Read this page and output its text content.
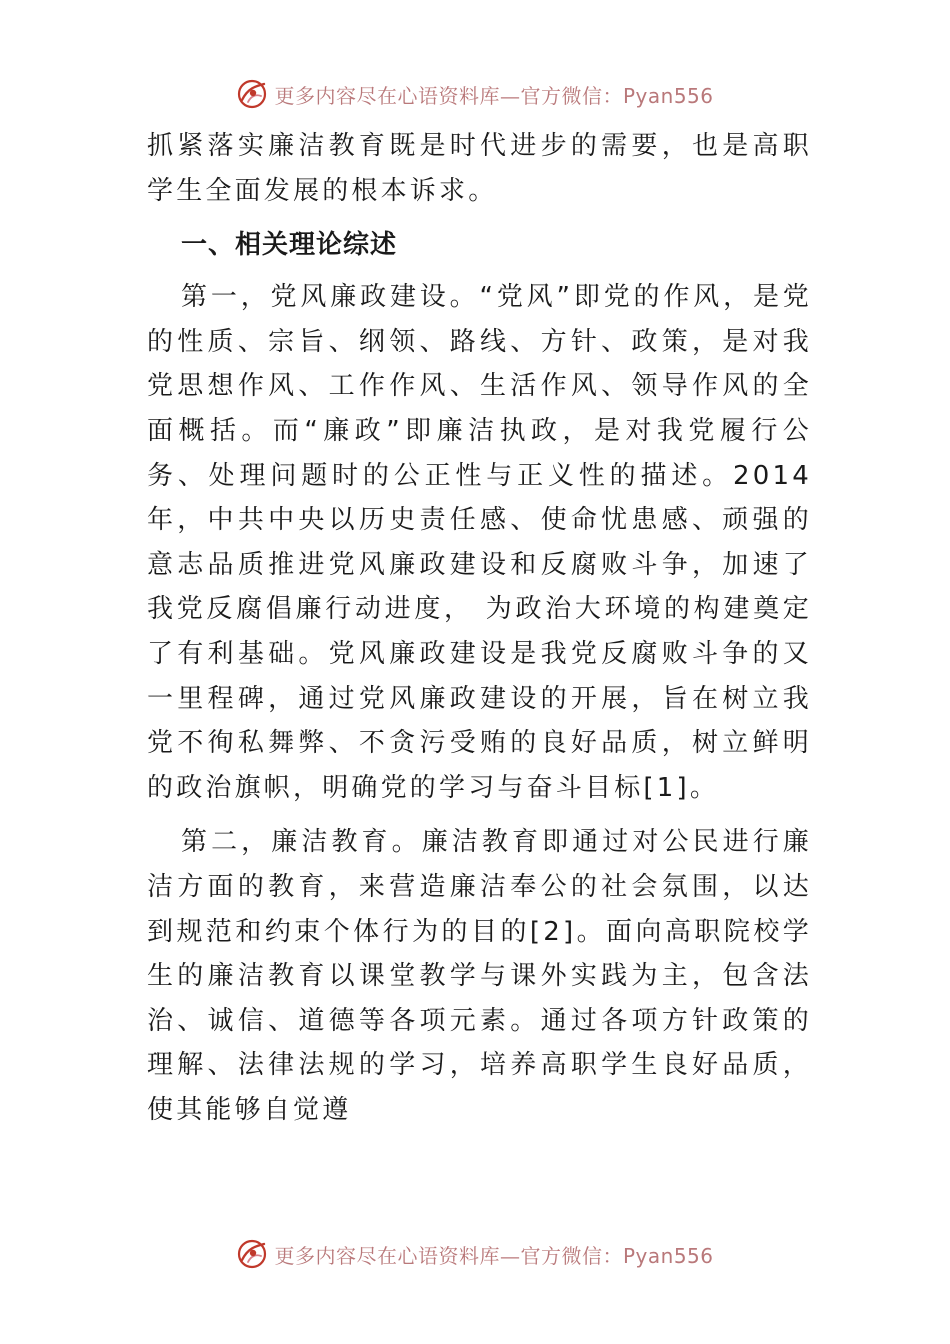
更多内容尽在心语资料库—官方微信：Pyan556

抓紧落实廉洁教育既是时代进步的需要，也是高职学生全面发展的根本诉求。

一、相关理论综述

第一，党风廉政建设。“党风”即党的作风，是党的性质、宗旨、纲领、路线、方针、政策，是对我党思想作风、工作作风、生活作风、领导作风的全面概括。而“廉政”即廉洁执政，是对我党履行公务、处理问题时的公正性与正义性的描述。2014 年，中共中央以历史责任感、使命忧患感、顽强的意志品质推进党风廉政建设和反腐败斗争，加速了我党反腐倡廉行动进度， 为政治大环境的构建奠定了有利基础。党风廉政建设是我党反腐败斗争的又一里程碑，通过党风廉政建设的开展，旨在树立我党不徇私舞弊、不贪污受贿的良好品质，树立鲜明的政治旗帜，明确党的学习与奋斗目标[1]。

第二，廉洁教育。廉洁教育即通过对公民进行廉洁方面的教育，来营造廉洁奉公的社会氛围，以达到规范和约束个体行为的目的[2]。面向高职院校学生的廉洁教育以课堂教学与课外实践为主，包含法治、诚信、道德等各项元素。通过各项方针政策的理解、法律法规的学习，培养高职学生良好品质，使其能够自觉遵

更多内容尽在心语资料库—官方微信：Pyan556
